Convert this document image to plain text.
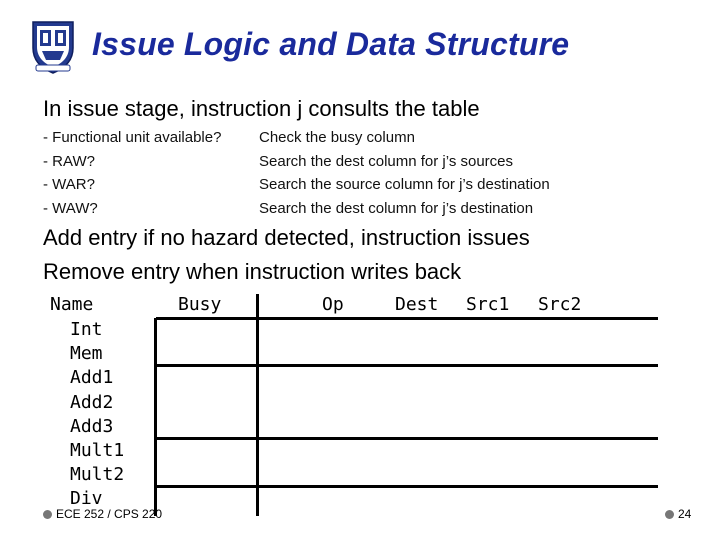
Issue Logic and Data Structure
In issue stage, instruction j consults the table
- Functional unit available?	Check the busy column
- RAW?	Search the dest column for j’s sources
- WAR?	Search the source column for j’s destination
- WAW?	Search the dest column for j’s destination
Add entry if no hazard detected, instruction issues
Remove entry when instruction writes back
Name	Busy	Op	Dest Src1 Src2
Int
Mem
Add1
Add2
Add3
Mult1
Mult2
Div
ECE 252 / CPS 220	24
